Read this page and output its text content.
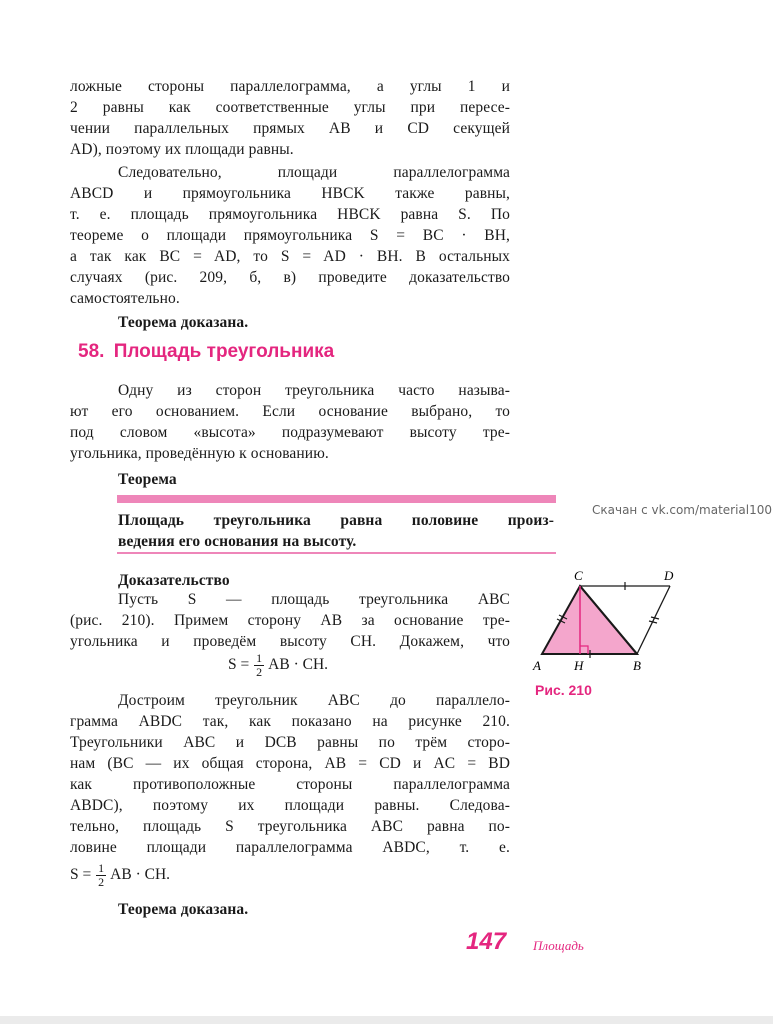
ложные стороны параллелограмма, а углы 1 и
2 равны как соответственные углы при пересе-
чении параллельных прямых AB и CD секущей
AD), поэтому их площади равны.
Следовательно, площади параллелограмма
ABCD и прямоугольника HBCK также равны,
т. е. площадь прямоугольника HBCK равна S. По
теореме о площади прямоугольника S = BC · BH,
а так как BC = AD, то S = AD · BH. В остальных
случаях (рис. 209, б, в) проведите доказательство
самостоятельно.
Теорема доказана.
58. Площадь треугольника
Одну из сторон треугольника часто называ-
ют его основанием. Если основание выбрано, то
под словом «высота» подразумевают высоту тре-
угольника, проведённую к основанию.
Теорема
Площадь треугольника равна половине произ-
ведения его основания на высоту.
Скачан с vk.com/material100
Доказательство
Пусть S — площадь треугольника ABC
(рис. 210). Примем сторону AB за основание тре-
угольника и проведём высоту CH. Докажем, что
$S = \frac{1}{2}$ AB · CH.
Достроим треугольник ABC до параллело-
грамма ABDC так, как показано на рисунке 210.
Треугольники ABC и DCB равны по трём сторо-
нам (BC — их общая сторона, AB = CD и AC = BD
как противоположные стороны параллелограмма
ABDC), поэтому их площади равны. Следова-
тельно, площадь S треугольника ABC равна по-
ловине площади параллелограмма ABDC, т. е.
$S = \frac{1}{2}$ AB · CH.
Теорема доказана.
A	H	B
C	D
Рис. 210
147 Площадь
